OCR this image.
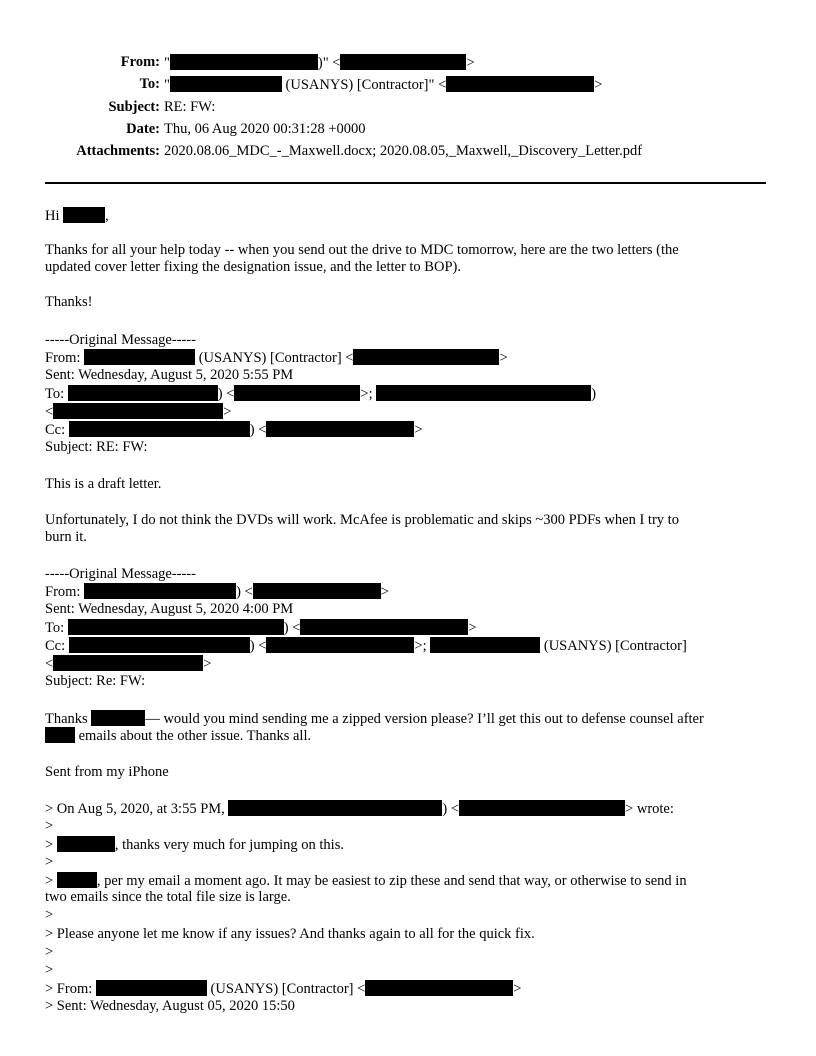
From: "	)" <	>
To: "	(USANYS) [Contractor]" <	>
Subject: RE: FW:
Date: Thu, 06 Aug 2020 00:31:28 +0000
Attachments: 2020.08.06_MDC_-_Maxwell.docx; 2020.08.05,_Maxwell,_Discovery_Letter.pdf
Hi	,
Thanks for all your help today -- when you send out the drive to MDC tomorrow, here are the two letters (the
updated cover letter fixing the designation issue, and the letter to BOP).
Thanks!
-----Original Message-----
From:	(USANYS) [Contractor] <	>
Sent: Wednesday, August 5, 2020 5:55 PM
To:	) <	>;	)
<	>
Cc:	) <	>
Subject: RE: FW:
This is a draft letter.
Unfortunately, I do not think the DVDs will work. McAfee is problematic and skips ~300 PDFs when I try to
burn it.
-----Original Message-----
From:	) <	>
Sent: Wednesday, August 5, 2020 4:00 PM
To:	) <	>
Cc:	) <	>;	(USANYS) [Contractor]
<	>
Subject: Re: FW:
Thanks	— would you mind sending me a zipped version please? I’ll get this out to defense counsel after
emails about the other issue. Thanks all.
Sent from my iPhone
> On Aug 5, 2020, at 3:55 PM,	) <	> wrote:
>
>	, thanks very much for jumping on this.
>
>	, per my email a moment ago. It may be easiest to zip these and send that way, or otherwise to send in
two emails since the total file size is large.
>
> Please anyone let me know if any issues? And thanks again to all for the quick fix.
>
>
> From:	(USANYS) [Contractor] <	>
> Sent: Wednesday, August 05, 2020 15:50
